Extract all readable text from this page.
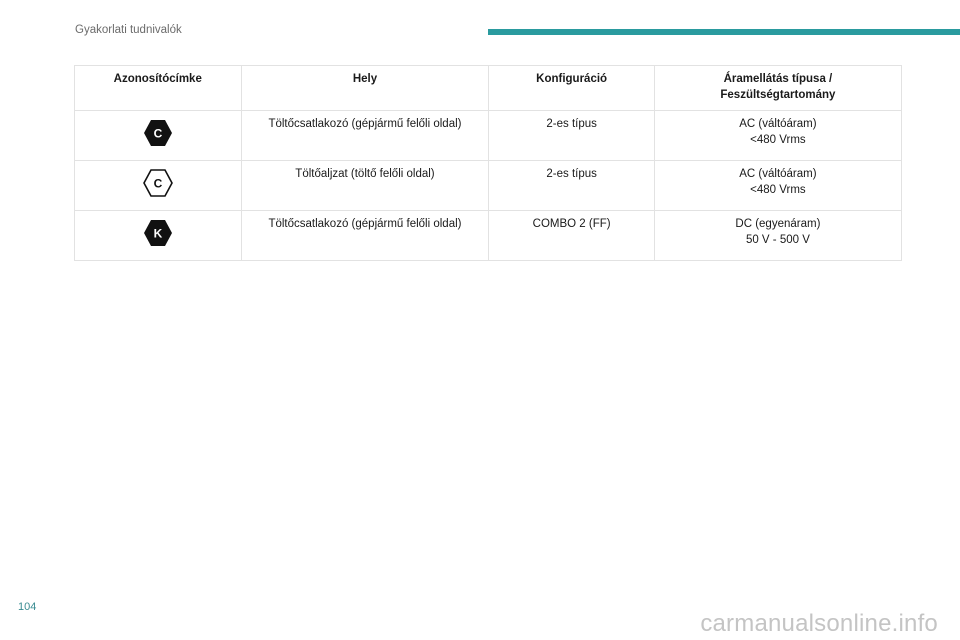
Gyakorlati tudnivalók
Azonosítócímke	Hely	Konfiguráció	Áramellátás típusa /
Feszültségtartomány

C	Töltőcsatlakozó (gépjármű felőli oldal)	2-es típus	AC (váltóáram)
<480 Vrms

C	Töltőaljzat (töltő felőli oldal)	2-es típus	AC (váltóáram)
<480 Vrms

K	Töltőcsatlakozó (gépjármű felőli oldal)	COMBO 2 (FF)	DC (egyenáram)
50 V - 500 V
104
carmanualsonline.info
